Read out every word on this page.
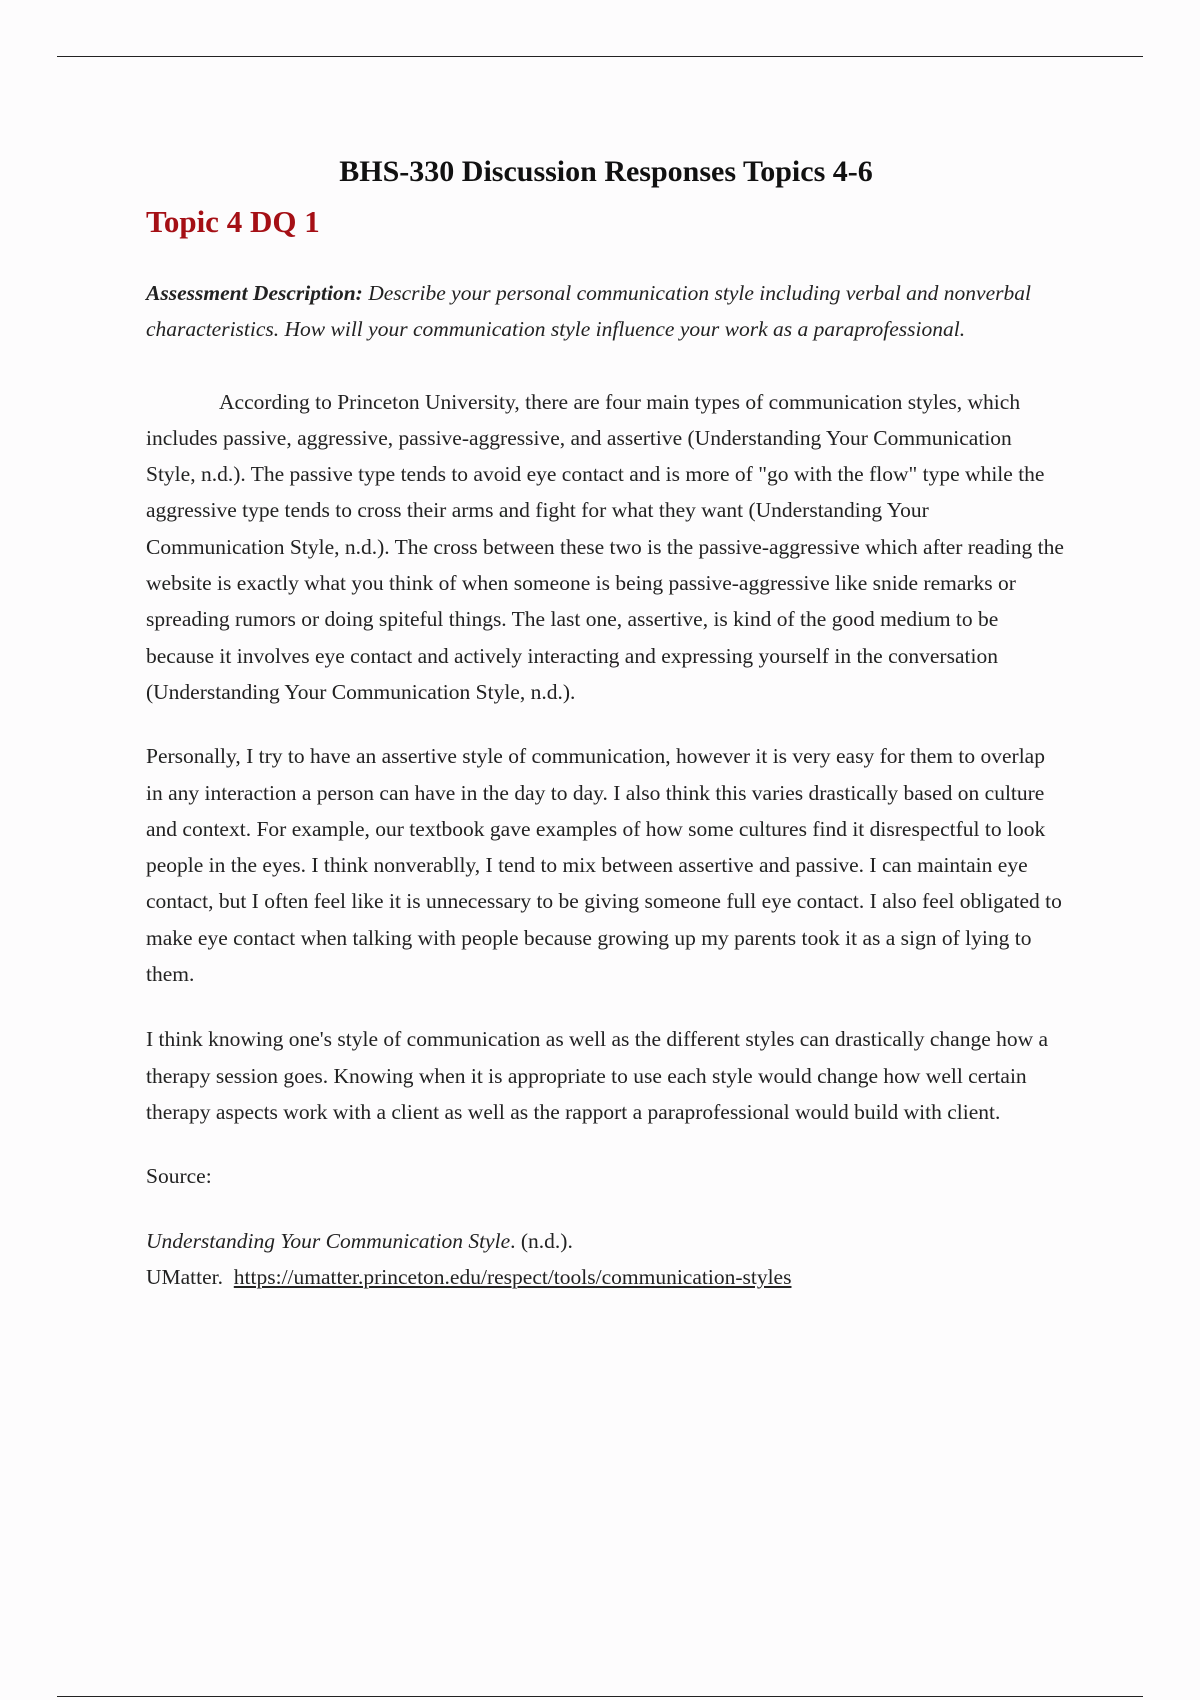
BHS-330 Discussion Responses Topics 4-6
Topic 4 DQ 1

Assessment Description: Describe your personal communication style including verbal and nonverbal characteristics. How will your communication style influence your work as a paraprofessional.

According to Princeton University, there are four main types of communication styles, which includes passive, aggressive, passive-aggressive, and assertive (Understanding Your Communication Style, n.d.). The passive type tends to avoid eye contact and is more of "go with the flow" type while the aggressive type tends to cross their arms and fight for what they want (Understanding Your Communication Style, n.d.). The cross between these two is the passive-aggressive which after reading the website is exactly what you think of when someone is being passive-aggressive like snide remarks or spreading rumors or doing spiteful things. The last one, assertive, is kind of the good medium to be because it involves eye contact and actively interacting and expressing yourself in the conversation (Understanding Your Communication Style, n.d.).

Personally, I try to have an assertive style of communication, however it is very easy for them to overlap in any interaction a person can have in the day to day. I also think this varies drastically based on culture and context. For example, our textbook gave examples of how some cultures find it disrespectful to look people in the eyes. I think nonverablly, I tend to mix between assertive and passive. I can maintain eye contact, but I often feel like it is unnecessary to be giving someone full eye contact. I also feel obligated to make eye contact when talking with people because growing up my parents took it as a sign of lying to them.

I think knowing one's style of communication as well as the different styles can drastically change how a therapy session goes. Knowing when it is appropriate to use each style would change how well certain therapy aspects work with a client as well as the rapport a paraprofessional would build with client.

Source:

Understanding Your Communication Style. (n.d.).
UMatter. https://umatter.princeton.edu/respect/tools/communication-styles
